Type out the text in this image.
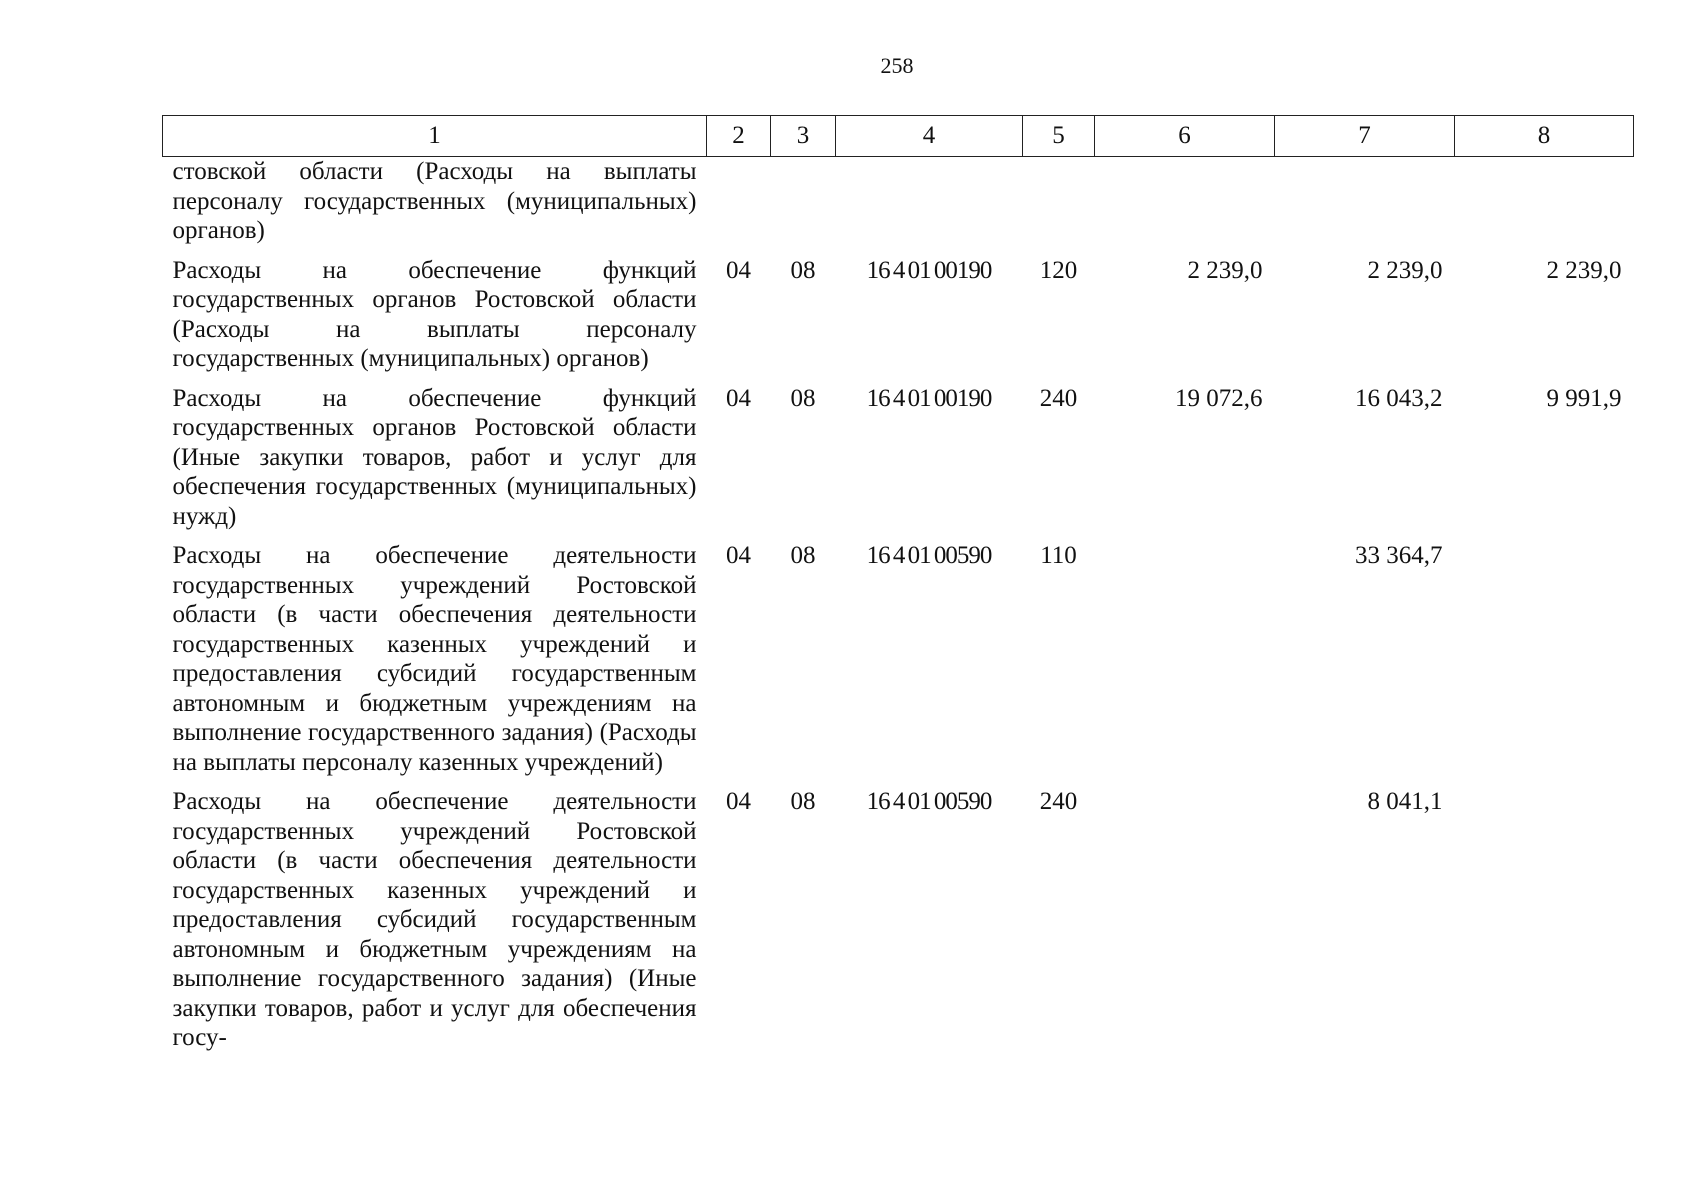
258
1	2	3	4	5	6	7	8
стовской области (Расходы на выплаты персоналу государственных (муниципальных) органов)							
Расходы на обеспечение функций государственных органов Ростовской области (Расходы на выплаты персоналу государственных (муниципальных) органов)	04	08	16 4 01 00190	120	2 239,0	2 239,0	2 239,0
Расходы на обеспечение функций государственных органов Ростовской области (Иные закупки товаров, работ и услуг для обеспечения государственных (муниципальных) нужд)	04	08	16 4 01 00190	240	19 072,6	16 043,2	9 991,9
Расходы на обеспечение деятельности государственных учреждений Ростовской области (в части обеспечения деятельности государственных казенных учреждений и предоставления субсидий государственным автономным и бюджетным учреждениям на выполнение государственного задания) (Расходы на выплаты персоналу казенных учреждений)	04	08	16 4 01 00590	110		33 364,7	
Расходы на обеспечение деятельности государственных учреждений Ростовской области (в части обеспечения деятельности государственных казенных учреждений и предоставления субсидий государственным автономным и бюджетным учреждениям на выполнение государственного задания) (Иные закупки товаров, работ и услуг для обеспечения госу-	04	08	16 4 01 00590	240		8 041,1	
